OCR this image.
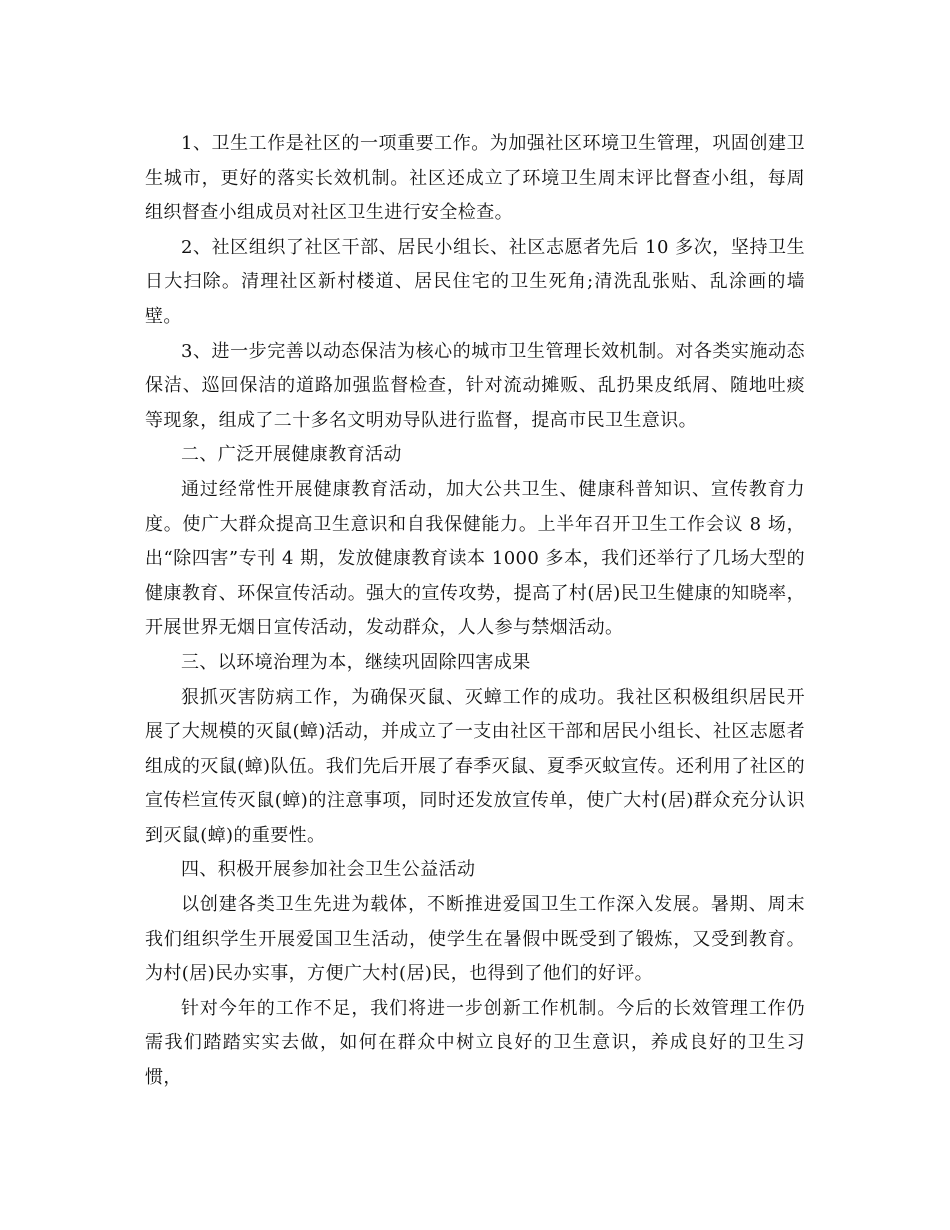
1、卫生工作是社区的一项重要工作。为加强社区环境卫生管理，巩固创建卫生城市，更好的落实长效机制。社区还成立了环境卫生周末评比督查小组，每周组织督查小组成员对社区卫生进行安全检查。

2、社区组织了社区干部、居民小组长、社区志愿者先后 10 多次，坚持卫生日大扫除。清理社区新村楼道、居民住宅的卫生死角;清洗乱张贴、乱涂画的墙壁。

3、进一步完善以动态保洁为核心的城市卫生管理长效机制。对各类实施动态保洁、巡回保洁的道路加强监督检查，针对流动摊贩、乱扔果皮纸屑、随地吐痰等现象，组成了二十多名文明劝导队进行监督，提高市民卫生意识。

二、广泛开展健康教育活动

通过经常性开展健康教育活动，加大公共卫生、健康科普知识、宣传教育力度。使广大群众提高卫生意识和自我保健能力。上半年召开卫生工作会议 8 场，出“除四害”专刊 4 期，发放健康教育读本 1000 多本，我们还举行了几场大型的健康教育、环保宣传活动。强大的宣传攻势，提高了村(居)民卫生健康的知晓率，开展世界无烟日宣传活动，发动群众，人人参与禁烟活动。

三、以环境治理为本，继续巩固除四害成果

狠抓灭害防病工作，为确保灭鼠、灭蟑工作的成功。我社区积极组织居民开展了大规模的灭鼠(蟑)活动，并成立了一支由社区干部和居民小组长、社区志愿者组成的灭鼠(蟑)队伍。我们先后开展了春季灭鼠、夏季灭蚊宣传。还利用了社区的宣传栏宣传灭鼠(蟑)的注意事项，同时还发放宣传单，使广大村(居)群众充分认识到灭鼠(蟑)的重要性。

四、积极开展参加社会卫生公益活动

以创建各类卫生先进为载体，不断推进爱国卫生工作深入发展。暑期、周末我们组织学生开展爱国卫生活动，使学生在暑假中既受到了锻炼，又受到教育。为村(居)民办实事，方便广大村(居)民，也得到了他们的好评。

针对今年的工作不足，我们将进一步创新工作机制。今后的长效管理工作仍需我们踏踏实实去做，如何在群众中树立良好的卫生意识，养成良好的卫生习惯，
